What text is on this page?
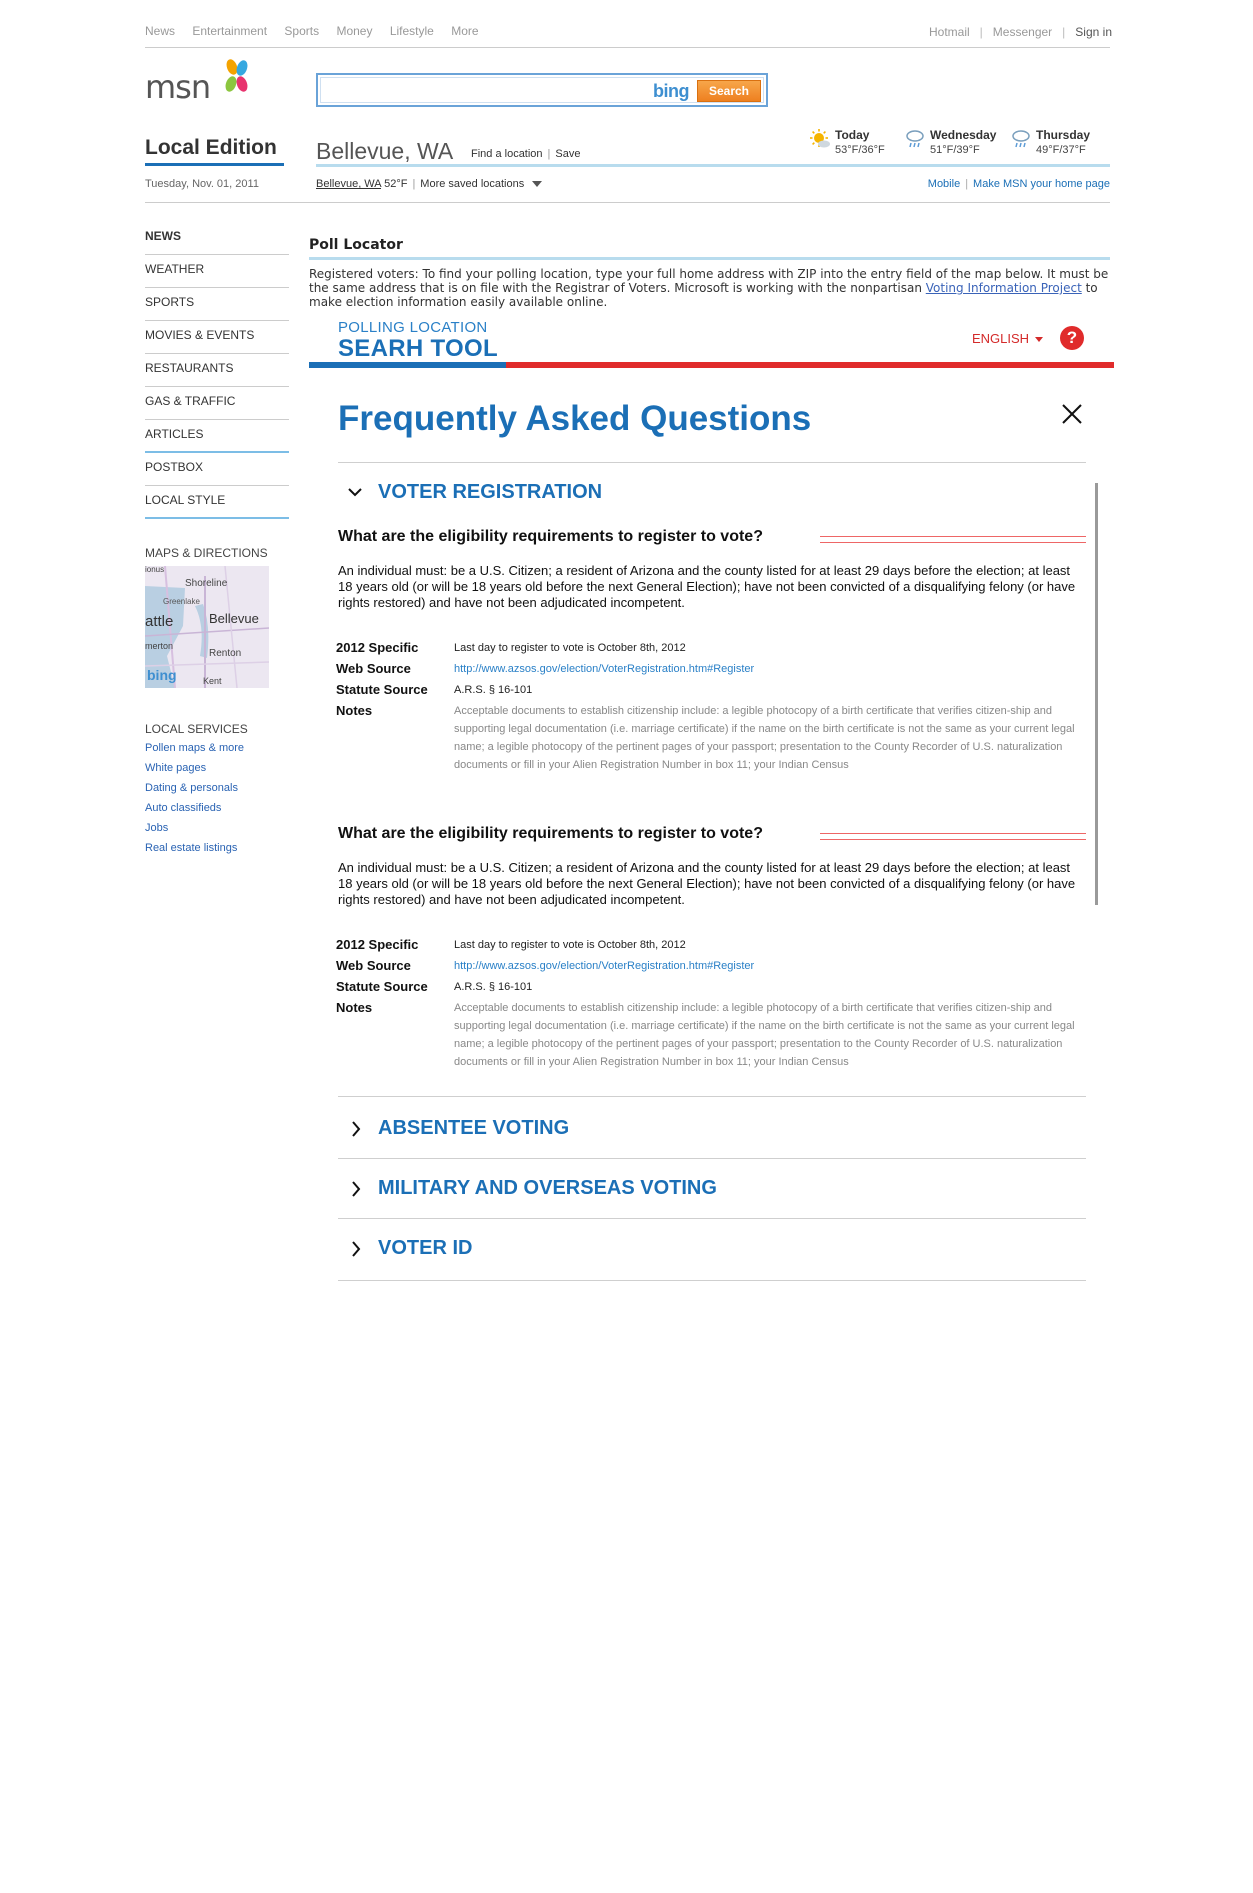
News Entertainment Sports Money Lifestyle More	Hotmail | Messenger | Sign in
msn	bing	Search
Local Edition Bellevue, WA Find a location | Save
Today
53°F/36°F
Wednesday
51°F/39°F
Thursday
49°F/37°F
Tuesday, Nov. 01, 2011	Bellevue, WA 52°F | More saved locations	Mobile | Make MSN your home page
NEWS
WEATHER
SPORTS
MOVIES & EVENTS
RESTAURANTS
GAS & TRAFFIC
ARTICLES
POSTBOX
LOCAL STYLE
MAPS & DIRECTIONS
ionus
Greenlake
Shoreline
attle	Bellevue
merton
Renton
Kent
bing
LOCAL SERVICES
Pollen maps & more
White pages
Dating & personals
Auto classifieds
Jobs
Real estate listings
Poll Locator
Registered voters: To find your polling location, type your full home address with ZIP into the entry field of the map below. It must be the same address that is on file with the Registrar of Voters. Microsoft is working with the nonpartisan Voting Information Project to make election information easily available online.
POLLING LOCATION
SEARH TOOL	ENGLISH	?
Frequently Asked Questions
VOTER REGISTRATION
What are the eligibility requirements to register to vote?
An individual must: be a U.S. Citizen; a resident of Arizona and the county listed for at least 29 days before the election; at least 18 years old (or will be 18 years old before the next General Election); have not been convicted of a disqualifying felony (or have rights restored) and have not been adjudicated incompetent.
2012 Specific	Last day to register to vote is October 8th, 2012
Web Source	http://www.azsos.gov/election/VoterRegistration.htm#Register
Statute Source A.R.S. § 16-101
Notes	Acceptable documents to establish citizenship include: a legible photocopy of a birth certificate that verifies citizen-ship and supporting legal documentation (i.e. marriage certificate) if the name on the birth certificate is not the same as your current legal name; a legible photocopy of the pertinent pages of your passport; presentation to the County Recorder of U.S. naturalization documents or fill in your Alien Registration Number in box 11; your Indian Census
What are the eligibility requirements to register to vote?
An individual must: be a U.S. Citizen; a resident of Arizona and the county listed for at least 29 days before the election; at least 18 years old (or will be 18 years old before the next General Election); have not been convicted of a disqualifying felony (or have rights restored) and have not been adjudicated incompetent.
2012 Specific	Last day to register to vote is October 8th, 2012
Web Source	http://www.azsos.gov/election/VoterRegistration.htm#Register
Statute Source A.R.S. § 16-101
Notes	Acceptable documents to establish citizenship include: a legible photocopy of a birth certificate that verifies citizen-ship and supporting legal documentation (i.e. marriage certificate) if the name on the birth certificate is not the same as your current legal name; a legible photocopy of the pertinent pages of your passport; presentation to the County Recorder of U.S. naturalization documents or fill in your Alien Registration Number in box 11; your Indian Census
ABSENTEE VOTING
MILITARY AND OVERSEAS VOTING
VOTER ID
